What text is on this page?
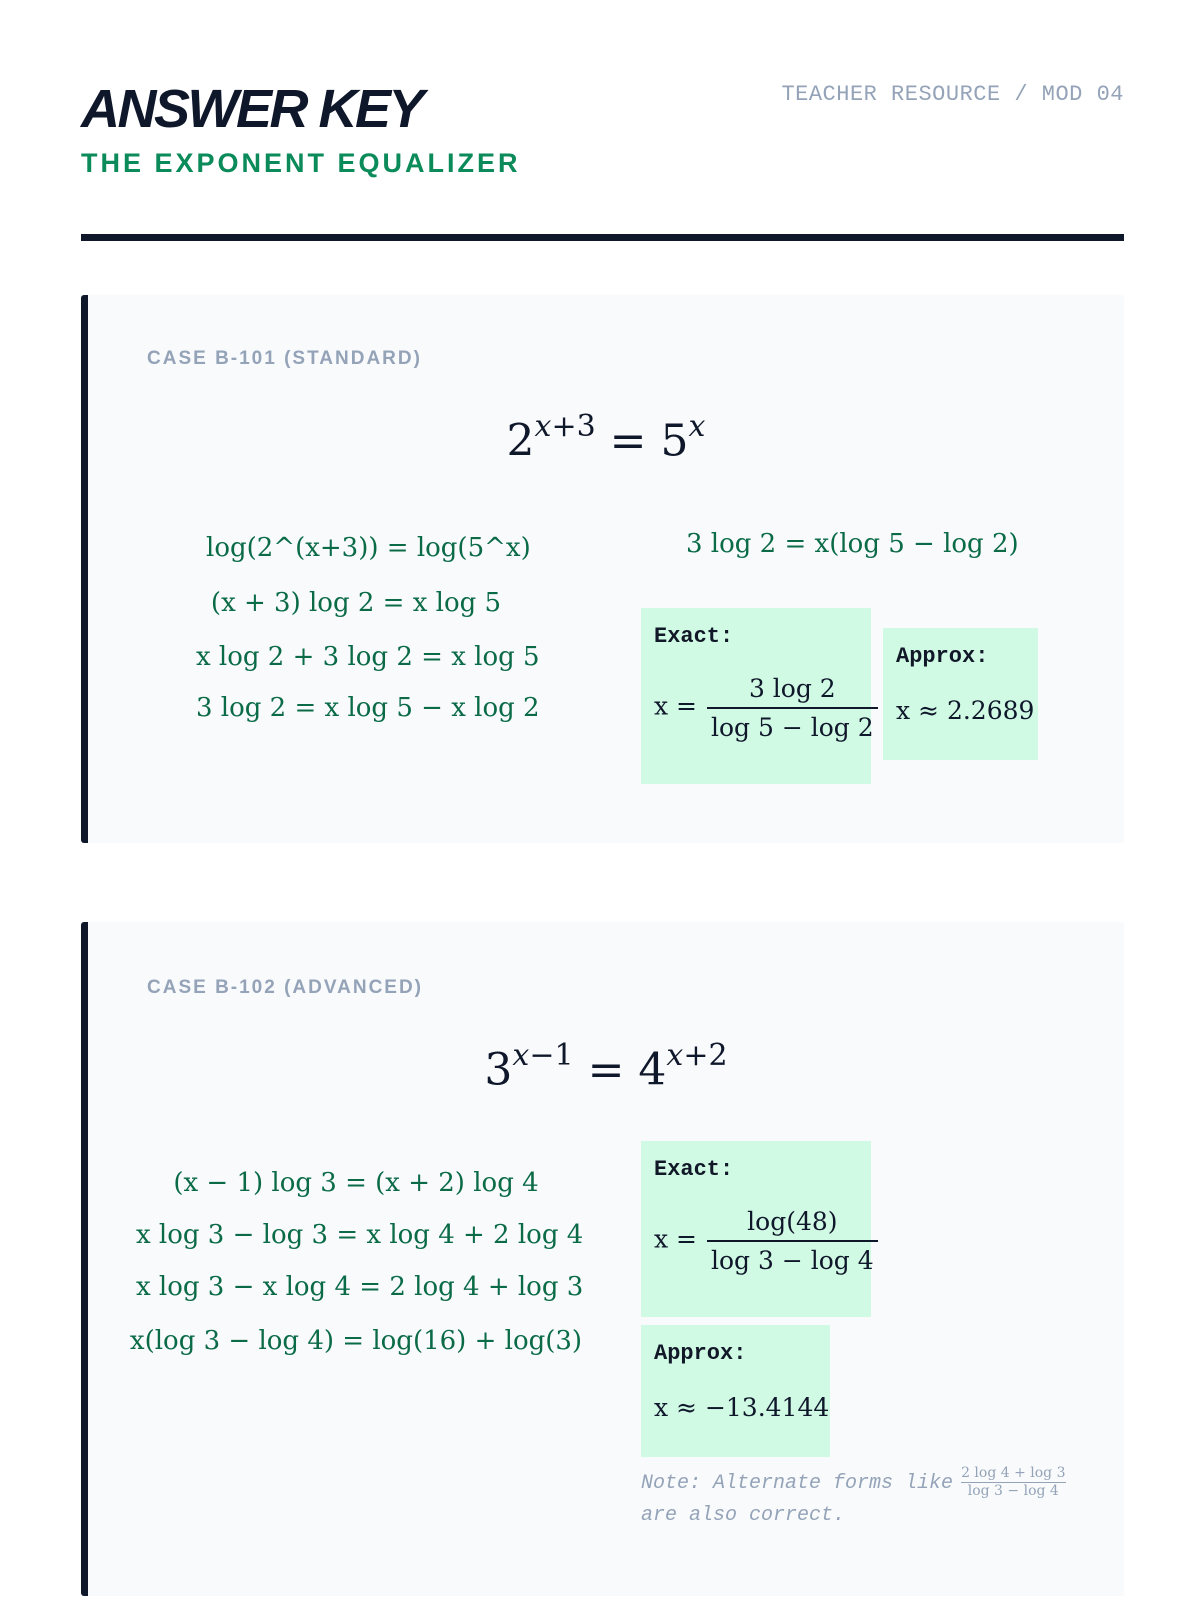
ANSWER KEY
THE EXPONENT EQUALIZER
TEACHER RESOURCE / MOD 04
CASE B-101 (STANDARD)
$2^{x+3} = 5^x$
log(2^(x+3)) = log(5^x)
(x + 3) log 2 = x log 5
x log 2 + 3 log 2 = x log 5
3 log 2 = x log 5 − x log 2
3 log 2 = x(log 5 − log 2)
Exact:
$x = \frac{3 \log 2}{\log 5 - \log 2}$
Approx:
x ≈ 2.2689
CASE B-102 (ADVANCED)
$3^{x-1} = 4^{x+2}$
(x − 1) log 3 = (x + 2) log 4
x log 3 − log 3 = x log 4 + 2 log 4
x log 3 − x log 4 = 2 log 4 + log 3
x(log 3 − log 4) = log(16) + log(3)
Exact:
$x = \frac{\log(48)}{\log 3 - \log 4}$
Approx:
x ≈ −13.4144
Note: Alternate forms like $\frac{2 \log 4 + \log 3}{\log 3 - \log 4}$

are also correct.
